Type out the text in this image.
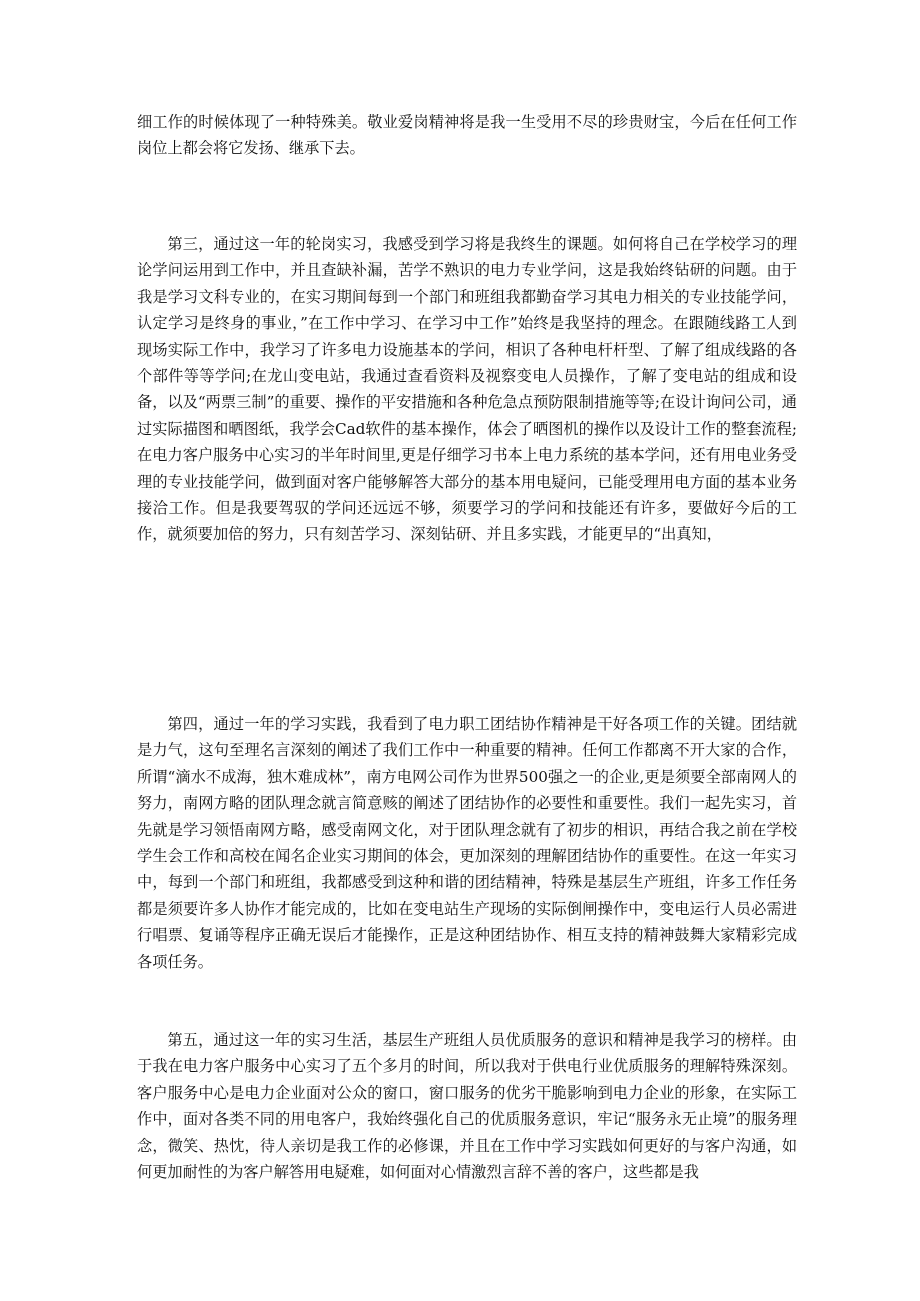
细工作的时候体现了一种特殊美。敬业爱岗精神将是我一生受用不尽的珍贵财宝，今后在任何工作岗位上都会将它发扬、继承下去。

第三，通过这一年的轮岗实习，我感受到学习将是我终生的课题。如何将自己在学校学习的理论学问运用到工作中，并且查缺补漏，苦学不熟识的电力专业学问，这是我始终钻研的问题。由于我是学习文科专业的，在实习期间每到一个部门和班组我都勤奋学习其电力相关的专业技能学问，认定学习是终身的事业，”在工作中学习、在学习中工作”始终是我坚持的理念。在跟随线路工人到现场实际工作中，我学习了许多电力设施基本的学问，相识了各种电杆杆型、了解了组成线路的各个部件等等学问;在龙山变电站，我通过查看资料及视察变电人员操作，了解了变电站的组成和设备，以及“两票三制”的重要、操作的平安措施和各种危急点预防限制措施等等;在设计询问公司，通过实际描图和晒图纸，我学会Cad软件的基本操作，体会了晒图机的操作以及设计工作的整套流程;在电力客户服务中心实习的半年时间里,更是仔细学习书本上电力系统的基本学问，还有用电业务受理的专业技能学问，做到面对客户能够解答大部分的基本用电疑问，已能受理用电方面的基本业务接洽工作。但是我要驾驭的学问还远远不够，须要学习的学问和技能还有许多，要做好今后的工作，就须要加倍的努力，只有刻苦学习、深刻钻研、并且多实践，才能更早的“出真知，

第四，通过一年的学习实践，我看到了电力职工团结协作精神是干好各项工作的关键。团结就是力气，这句至理名言深刻的阐述了我们工作中一种重要的精神。任何工作都离不开大家的合作，所谓“滴水不成海，独木难成林”，南方电网公司作为世界500强之一的企业,更是须要全部南网人的努力，南网方略的团队理念就言简意赅的阐述了团结协作的必要性和重要性。我们一起先实习，首先就是学习领悟南网方略，感受南网文化，对于团队理念就有了初步的相识，再结合我之前在学校学生会工作和高校在闻名企业实习期间的体会，更加深刻的理解团结协作的重要性。在这一年实习中，每到一个部门和班组，我都感受到这种和谐的团结精神，特殊是基层生产班组，许多工作任务都是须要许多人协作才能完成的，比如在变电站生产现场的实际倒闸操作中，变电运行人员必需进行唱票、复诵等程序正确无误后才能操作，正是这种团结协作、相互支持的精神鼓舞大家精彩完成各项任务。

第五，通过这一年的实习生活，基层生产班组人员优质服务的意识和精神是我学习的榜样。由于我在电力客户服务中心实习了五个多月的时间，所以我对于供电行业优质服务的理解特殊深刻。客户服务中心是电力企业面对公众的窗口，窗口服务的优劣干脆影响到电力企业的形象，在实际工作中，面对各类不同的用电客户，我始终强化自己的优质服务意识，牢记“服务永无止境”的服务理念，微笑、热忱，待人亲切是我工作的必修课，并且在工作中学习实践如何更好的与客户沟通，如何更加耐性的为客户解答用电疑难，如何面对心情激烈言辞不善的客户，这些都是我
